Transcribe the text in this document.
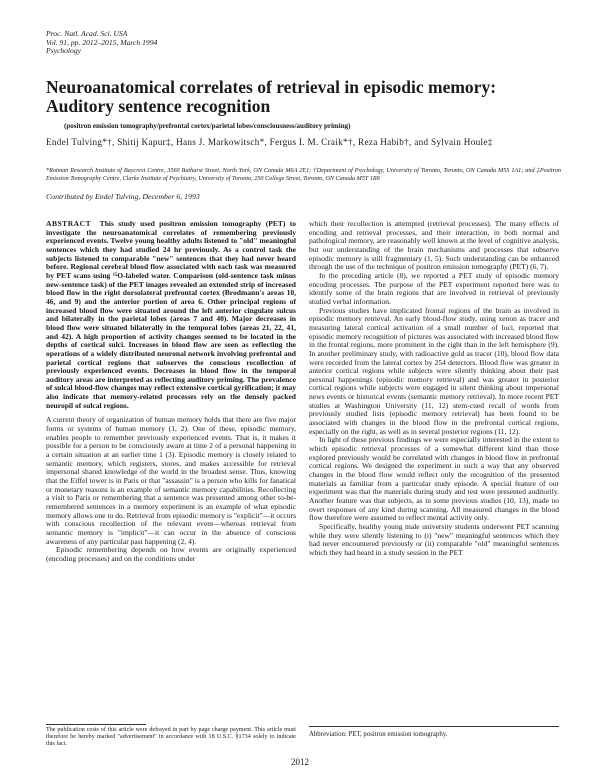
Proc. Natl. Acad. Sci. USA
Vol. 91, pp. 2012–2015, March 1994
Psychology
Neuroanatomical correlates of retrieval in episodic memory: Auditory sentence recognition
(positron emission tomography/prefrontal cortex/parietal lobes/consciousness/auditory priming)
Endel Tulving*†, Shitij Kapur‡, Hans J. Markowitsch*, Fergus I. M. Craik*†, Reza Habib†, and Sylvain Houle‡
*Rotman Research Institute of Baycrest Centre, 3560 Bathurst Street, North York, ON Canada M6A 2E1; †Department of Psychology, University of Toronto, Toronto, ON Canada M5S 1A1; and ‡Positron Emission Tomography Centre, Clarke Institute of Psychiatry, University of Toronto, 250 College Street, Toronto, ON Canada M5T 1R8
Contributed by Endel Tulving, December 6, 1993
ABSTRACT This study used positron emission tomography (PET) to investigate the neuroanatomical correlates of remembering previously experienced events. Twelve young healthy adults listened to "old" meaningful sentences which they had studied 24 hr previously. As a control task the subjects listened to comparable "new" sentences that they had never heard before. Regional cerebral blood flow associated with each task was measured by PET scans using ¹⁵O-labeled water. Comparison (old-sentence task minus new-sentence task) of the PET images revealed an extended strip of increased blood flow in the right dorsolateral prefrontal cortex (Brodmann's areas 10, 46, and 9) and the anterior portion of area 6. Other principal regions of increased blood flow were situated around the left anterior cingulate sulcus and bilaterally in the parietal lobes (areas 7 and 40). Major decreases in blood flow were situated bilaterally in the temporal lobes (areas 21, 22, 41, and 42). A high proportion of activity changes seemed to be located in the depths of cortical sulci. Increases in blood flow are seen as reflecting the operations of a widely distributed neuronal network involving prefrontal and parietal cortical regions that subserves the conscious recollection of previously experienced events. Decreases in blood flow in the temporal auditory areas are interpreted as reflecting auditory priming. The prevalence of sulcal blood-flow changes may reflect extensive cortical gyrification; it may also indicate that memory-related processes rely on the densely packed neuropil of sulcal regions.

A current theory of organization of human memory holds that there are five major forms or systems of human memory (1, 2). One of these, episodic memory, enables people to remember previously experienced events. That is, it makes it possible for a person to be consciously aware at time 2 of a personal happening in a certain situation at an earlier time 1 (3). Episodic memory is closely related to semantic memory, which registers, stores, and makes accessible for retrieval impersonal shared knowledge of the world in the broadest sense. Thus, knowing that the Eiffel tower is in Paris or that "assassin" is a person who kills for fanatical or monetary reasons is an example of semantic memory capabilities. Recollecting a visit to Paris or remembering that a sentence was presented among other to-be-remembered sentences in a memory experiment is an example of what episodic memory allows one to do. Retrieval from episodic memory is "explicit"—it occurs with conscious recollection of the relevant event—whereas retrieval from semantic memory is "implicit"—it can occur in the absence of conscious awareness of any particular past happening (2, 4).

Episodic remembering depends on how events are originally experienced (encoding processes) and on the conditions under

which their recollection is attempted (retrieval processes). The many effects of encoding and retrieval processes, and their interaction, in both normal and pathological memory, are reasonably well known at the level of cognitive analysis, but our understanding of the brain mechanisms and processes that subserve episodic memory is still fragmentary (1, 5). Such understanding can be enhanced through the use of the technique of positron emission tomography (PET) (6, 7).

In the preceding article (8), we reported a PET study of episodic memory encoding processes. The purpose of the PET experiment reported here was to identify some of the brain regions that are involved in retrieval of previously studied verbal information.

Previous studies have implicated frontal regions of the brain as involved in episodic memory retrieval. An early blood-flow study, using xenon as tracer and measuring lateral cortical activation of a small number of loci, reported that episodic memory recognition of pictures was associated with increased blood flow in the frontal regions, more prominent in the right than in the left hemisphere (9). In another preliminary study, with radioactive gold as tracer (10), blood flow data were recorded from the lateral cortex by 254 detectors. Blood flow was greater in anterior cortical regions while subjects were silently thinking about their past personal happenings (episodic memory retrieval) and was greater in posterior cortical regions while subjects were engaged in silent thinking about impersonal news events or historical events (semantic memory retrieval). In more recent PET studies at Washington University (11, 12) stem-cued recall of words from previously studied lists (episodic memory retrieval) has been found to be associated with changes in the blood flow in the prefrontal cortical regions, especially on the right, as well as in several posterior regions (11, 12).

In light of these previous findings we were especially interested in the extent to which episodic retrieval processes of a somewhat different kind than those explored previously would be correlated with changes in blood flow in prefrontal cortical regions. We designed the experiment in such a way that any observed changes in the blood flow would reflect only the recognition of the presented materials as familiar from a particular study episode. A special feature of our experiment was that the materials during study and test were presented auditorily. Another feature was that subjects, as in some previous studies (10, 13), made no overt responses of any kind during scanning. All measured changes in the blood flow therefore were assumed to reflect mental activity only.

Specifically, healthy young male university students underwent PET scanning while they were silently listening to (i) "new" meaningful sentences which they had never encountered previously or (ii) comparable "old" meaningful sentences which they had heard in a study session in the PET

The publication costs of this article were defrayed in part by page charge payment. This article must therefore be hereby marked "advertisement" in accordance with 18 U.S.C. §1734 solely to indicate this fact.
Abbreviation: PET, positron emission tomography.
2012
